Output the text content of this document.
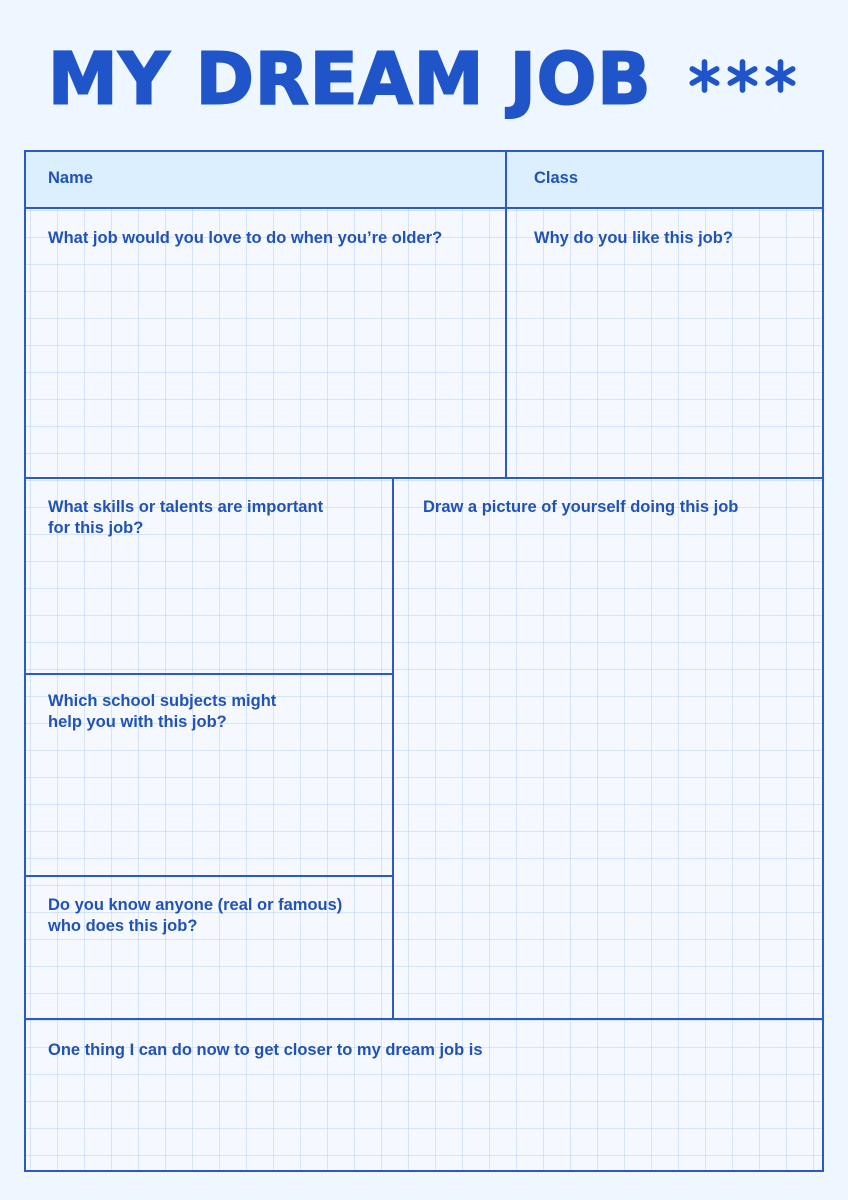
MY DREAM JOB

Name	Class

What job would you love to do when you’re older?	Why do you like this job?

What skills or talents are important
for this job?

Draw a picture of yourself doing this job

Which school subjects might
help you with this job?
Do you know anyone (real or famous)
who does this job?

One thing I can do now to get closer to my dream job is
